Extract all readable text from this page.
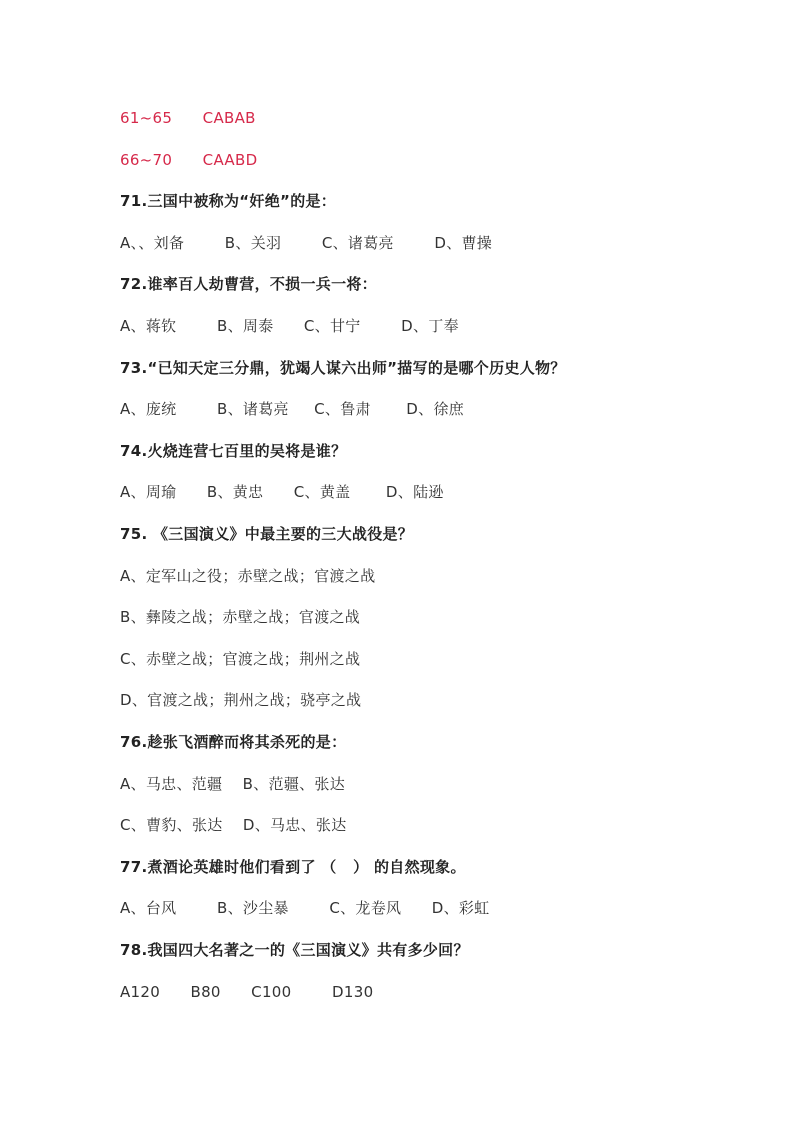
61~65 CABAB
66~70 CAABD
71.三国中被称为“奸绝”的是：
A、、刘备        B、关羽        C、诸葛亮        D、曹操
72.谁率百人劫曹营，不损一兵一将：
A、蒋钦        B、周泰      C、甘宁        D、丁奉
73.“已知天定三分鼎，犹竭人谋六出师”描写的是哪个历史人物？
A、庞统        B、诸葛亮     C、鲁肃       D、徐庶
74.火烧连营七百里的吴将是谁？
A、周瑜      B、黄忠      C、黄盖       D、陆逊
75. 《三国演义》中最主要的三大战役是？
A、定军山之役；赤壁之战；官渡之战
B、彝陵之战；赤壁之战；官渡之战
C、赤壁之战；官渡之战；荆州之战
D、官渡之战；荆州之战；骁亭之战
76.趁张飞酒醉而将其杀死的是：
A、马忠、范疆    B、范疆、张达
C、曹豹、张达    D、马忠、张达
77.煮酒论英雄时他们看到了 （   ） 的自然现象。
A、台风        B、沙尘暴        C、龙卷风      D、彩虹
78.我国四大名著之一的《三国演义》共有多少回？
A120      B80      C100        D130
